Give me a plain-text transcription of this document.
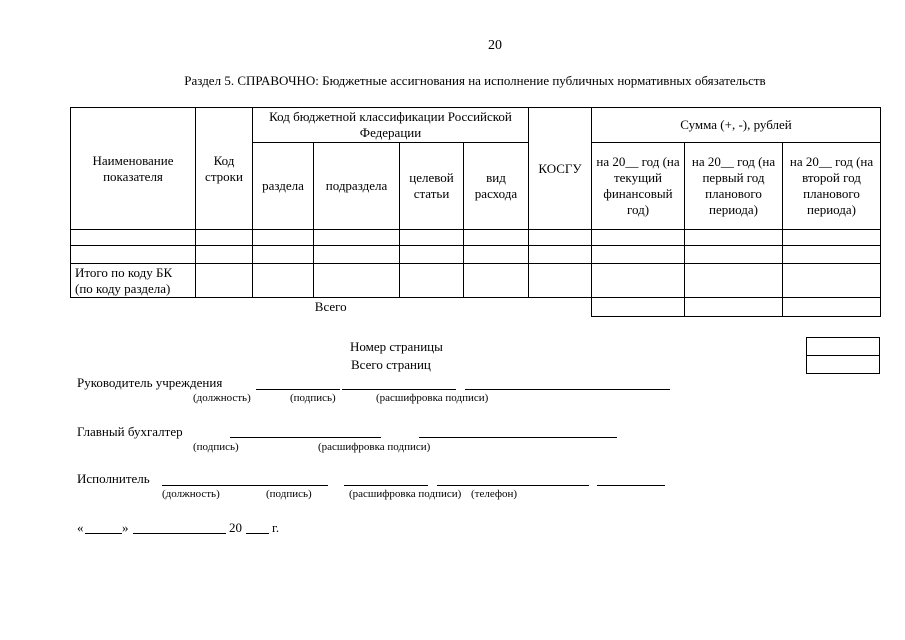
20
Раздел 5. СПРАВОЧНО: Бюджетные ассигнования на исполнение публичных нормативных обязательств
Наименование показателя	Код строки	Код бюджетной классификации Российской Федерации				КОСГУ	Сумма (+, -), рублей		
		раздела	подраздела	целевой статьи	вид расхода		на 20__ год (на текущий финансовый год)	на 20__ год (на первый год планового периода)	на 20__ год (на второй год планового периода)

Итого по коду БК (по коду раздела)									
Всего									
Номер страницы
Всего страниц

Руководитель учреждения
(должность)	(подпись)	(расшифровка подписи)
Главный бухгалтер
(подпись)	(расшифровка подписи)
Исполнитель
(должность)	(подпись)	(расшифровка подписи) (телефон)
«	»	20 г.
